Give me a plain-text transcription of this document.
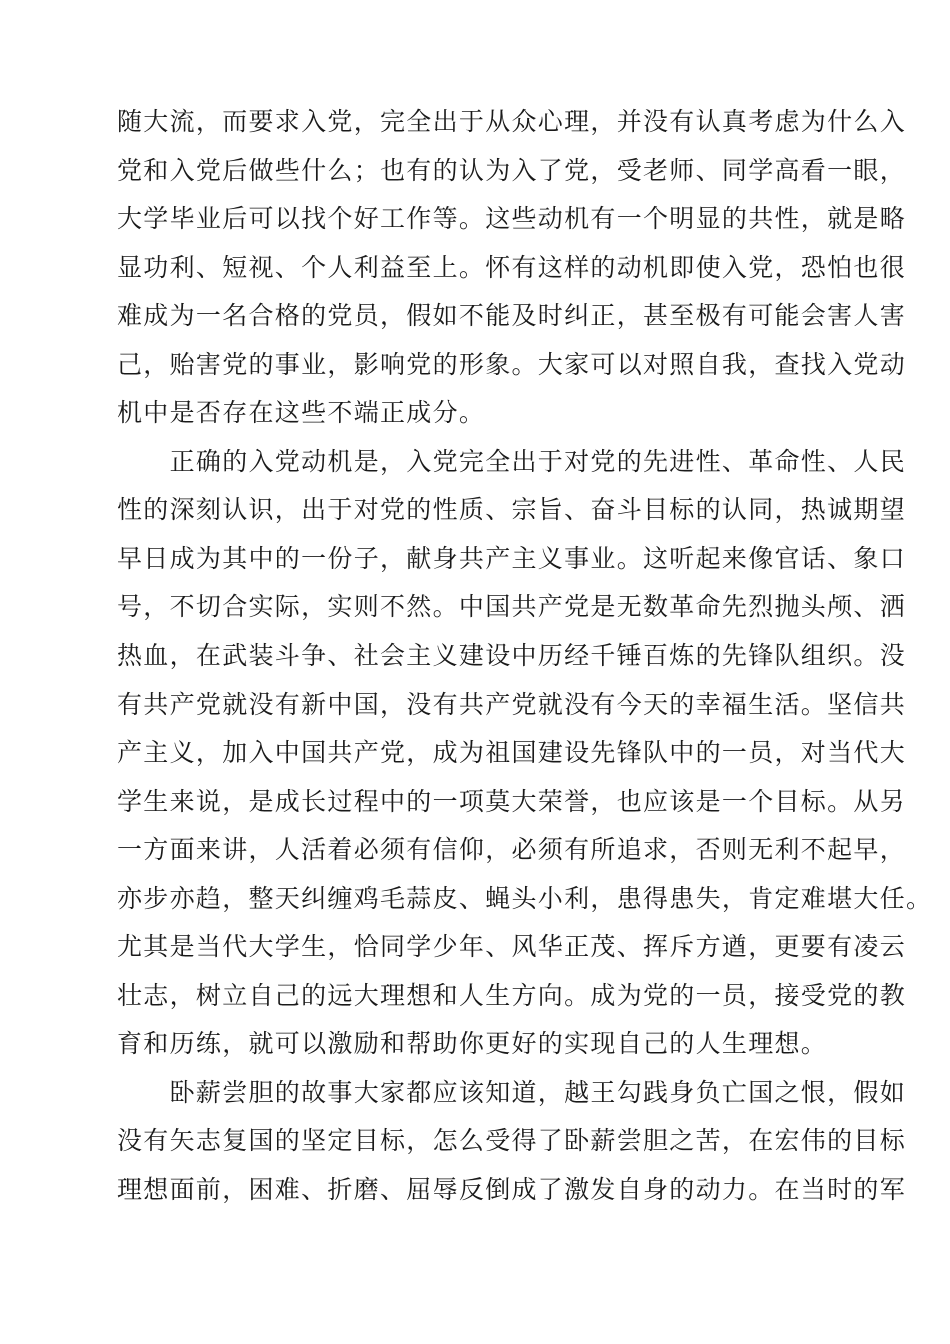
随大流，而要求入党，完全出于从众心理，并没有认真考虑为什么入
党和入党后做些什么；也有的认为入了党，受老师、同学高看一眼，
大学毕业后可以找个好工作等。这些动机有一个明显的共性，就是略
显功利、短视、个人利益至上。怀有这样的动机即使入党，恐怕也很
难成为一名合格的党员，假如不能及时纠正，甚至极有可能会害人害
己，贻害党的事业，影响党的形象。大家可以对照自我，查找入党动
机中是否存在这些不端正成分。
　　正确的入党动机是，入党完全出于对党的先进性、革命性、人民
性的深刻认识，出于对党的性质、宗旨、奋斗目标的认同，热诚期望
早日成为其中的一份子，献身共产主义事业。这听起来像官话、象口
号，不切合实际，实则不然。中国共产党是无数革命先烈抛头颅、洒
热血，在武装斗争、社会主义建设中历经千锤百炼的先锋队组织。没
有共产党就没有新中国，没有共产党就没有今天的幸福生活。坚信共
产主义，加入中国共产党，成为祖国建设先锋队中的一员，对当代大
学生来说，是成长过程中的一项莫大荣誉，也应该是一个目标。从另
一方面来讲，人活着必须有信仰，必须有所追求，否则无利不起早，
亦步亦趋，整天纠缠鸡毛蒜皮、蝇头小利，患得患失，肯定难堪大任。
尤其是当代大学生，恰同学少年、风华正茂、挥斥方遒，更要有凌云
壮志，树立自己的远大理想和人生方向。成为党的一员，接受党的教
育和历练，就可以激励和帮助你更好的实现自己的人生理想。
　　卧薪尝胆的故事大家都应该知道，越王勾践身负亡国之恨，假如
没有矢志复国的坚定目标，怎么受得了卧薪尝胆之苦，在宏伟的目标
理想面前，困难、折磨、屈辱反倒成了激发自身的动力。在当时的军
